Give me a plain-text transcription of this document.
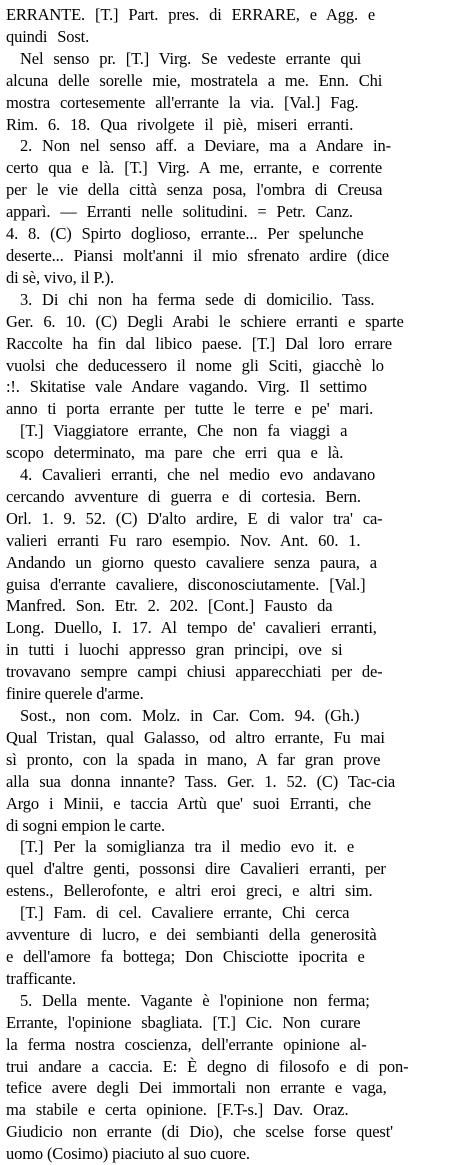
ERRANTE. [T.] Part. pres. di ERRARE, e Agg. e
quindi Sost.
Nel senso pr. [T.] Virg. Se vedeste errante qui
alcuna delle sorelle mie, mostratela a me. Enn. Chi
mostra cortesemente all'errante la via. [Val.] Fag.
Rim. 6. 18. Qua rivolgete il piè, miseri erranti.
2. Non nel senso aff. a Deviare, ma a Andare in-
certo qua e là. [T.] Virg. A me, errante, e corrente
per le vie della città senza posa, l'ombra di Creusa
apparì. — Erranti nelle solitudini. = Petr. Canz.
4. 8. (C) Spirto doglioso, errante... Per spelunche
deserte... Piansi molt'anni il mio sfrenato ardire (dice
di sè, vivo, il P.).
3. Di chi non ha ferma sede di domicilio. Tass.
Ger. 6. 10. (C) Degli Arabi le schiere erranti e sparte
Raccolte ha fin dal libico paese. [T.] Dal loro errare
vuolsi che deducessero il nome gli Sciti, giacchè lo
:!. Skitatise vale Andare vagando. Virg. Il settimo
anno ti porta errante per tutte le terre e pe' mari.
[T.] Viaggiatore errante, Che non fa viaggi a
scopo determinato, ma pare che erri qua e là.
4. Cavalieri erranti, che nel medio evo andavano
cercando avventure di guerra e di cortesia. Bern.
Orl. 1. 9. 52. (C) D'alto ardire, E di valor tra' ca-
valieri erranti Fu raro esempio. Nov. Ant. 60. 1.
Andando un giorno questo cavaliere senza paura, a
guisa d'errante cavaliere, disconosciutamente. [Val.]
Manfred. Son. Etr. 2. 202. [Cont.] Fausto da
Long. Duello, I. 17. Al tempo de' cavalieri erranti,
in tutti i luochi appresso gran principi, ove si
trovavano sempre campi chiusi apparecchiati per de-
finire querele d'arme.
Sost., non com. Molz. in Car. Com. 94. (Gh.)
Qual Tristan, qual Galasso, od altro errante, Fu mai
sì pronto, con la spada in mano, A far gran prove
alla sua donna innante? Tass. Ger. 1. 52. (C) Tac-cia
Argo i Minii, e taccia Artù que' suoi Erranti, che
di sogni empion le carte.
[T.] Per la somiglianza tra il medio evo it. e
quel d'altre genti, possonsi dire Cavalieri erranti, per
estens., Bellerofonte, e altri eroi greci, e altri sim.
[T.] Fam. di cel. Cavaliere errante, Chi cerca
avventure di lucro, e dei sembianti della generosità
e dell'amore fa bottega; Don Chisciotte ipocrita e
trafficante.
5. Della mente. Vagante è l'opinione non ferma;
Errante, l'opinione sbagliata. [T.] Cic. Non curare
la ferma nostra coscienza, dell'errante opinione al-
trui andare a caccia. E: È degno di filosofo e di pon-
tefice avere degli Dei immortali non errante e vaga,
ma stabile e certa opinione. [F.T-s.] Dav. Oraz.
Giudicio non errante (di Dio), che scelse forse quest'
uomo (Cosimo) piaciuto al suo cuore.
